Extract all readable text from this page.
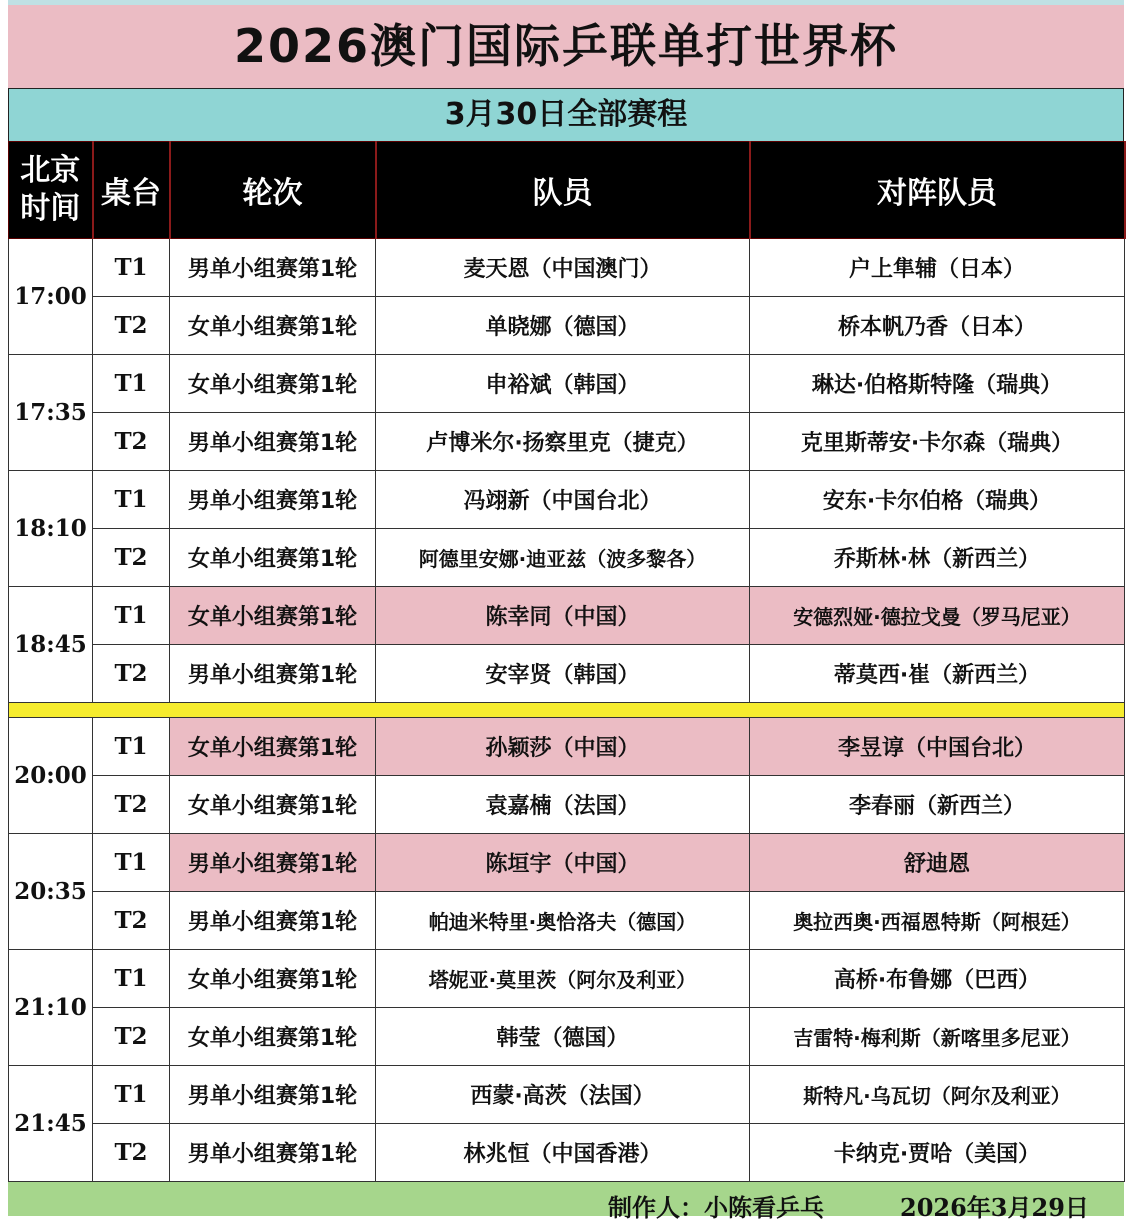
2026澳门国际乒联单打世界杯
3月30日全部赛程
北京
时间	桌台	轮次	队员	对阵队员
17:00	T1	男单小组赛第1轮	麦天恩（中国澳门）	户上隼辅（日本）
	T2	女单小组赛第1轮	单晓娜（德国）	桥本帆乃香（日本）
17:35	T1	女单小组赛第1轮	申裕斌（韩国）	琳达·伯格斯特隆（瑞典）
	T2	男单小组赛第1轮	卢博米尔·扬察里克（捷克）	克里斯蒂安·卡尔森（瑞典）
18:10	T1	男单小组赛第1轮	冯翊新（中国台北）	安东·卡尔伯格（瑞典）
	T2	女单小组赛第1轮	阿德里安娜·迪亚兹（波多黎各）	乔斯林·林（新西兰）
18:45	T1	女单小组赛第1轮	陈幸同（中国）	安德烈娅·德拉戈曼（罗马尼亚）
	T2	男单小组赛第1轮	安宰贤（韩国）	蒂莫西·崔（新西兰）

20:00	T1	女单小组赛第1轮	孙颖莎（中国）	李昱谆（中国台北）
	T2	女单小组赛第1轮	袁嘉楠（法国）	李春丽（新西兰）
20:35	T1	男单小组赛第1轮	陈垣宇（中国）	舒迪恩
	T2	男单小组赛第1轮	帕迪米特里·奥恰洛夫（德国）	奥拉西奥·西福恩特斯（阿根廷）
21:10	T1	女单小组赛第1轮	塔妮亚·莫里茨（阿尔及利亚）	高桥·布鲁娜（巴西）
	T2	女单小组赛第1轮	韩莹（德国）	吉雷特·梅利斯（新喀里多尼亚）
21:45	T1	男单小组赛第1轮	西蒙·高茨（法国）	斯特凡·乌瓦切（阿尔及利亚）
	T2	男单小组赛第1轮	林兆恒（中国香港）	卡纳克·贾哈（美国）
制作人：小陈看乒乓	2026年3月29日
